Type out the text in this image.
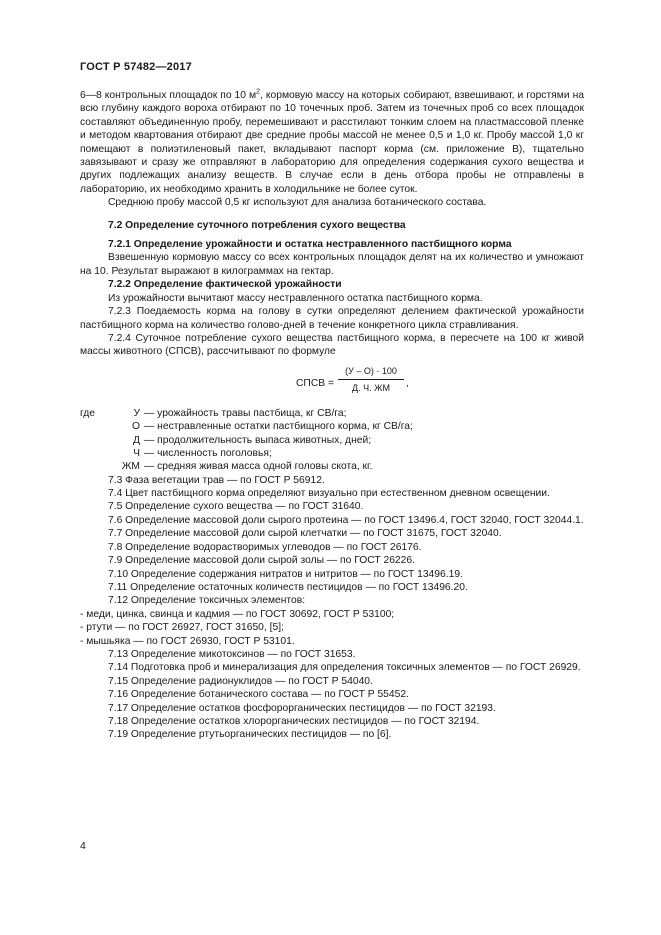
ГОСТ Р 57482—2017

6—8 контрольных площадок по 10 $м^2$, кормовую массу на которых собирают, взвешивают, и горстями на всю глубину каждого вороха отбирают по 10 точечных проб. Затем из точечных проб со всех площадок составляют объединенную пробу, перемешивают и расстилают тонким слоем на пластмассовой пленке и методом квартования отбирают две средние пробы массой не менее 0,5 и 1,0 кг. Пробу массой 1,0 кг помещают в полиэтиленовый пакет, вкладывают паспорт корма (см. приложение В), тщательно завязывают и сразу же отправляют в лабораторию для определения содержания сухого вещества и других подлежащих анализу веществ. В случае если в день отбора пробы не отправлены в лабораторию, их необходимо хранить в холодильнике не более суток.

Среднюю пробу массой 0,5 кг используют для анализа ботанического состава.

7.2 Определение суточного потребления сухого вещества

7.2.1 Определение урожайности и остатка нестравленного пастбищного корма

Взвешенную кормовую массу со всех контрольных площадок делят на их количество и умножают на 10. Результат выражают в килограммах на гектар.

7.2.2 Определение фактической урожайности

Из урожайности вычитают массу нестравленного остатка пастбищного корма.

7.2.3 Поедаемость корма на голову в сутки определяют делением фактической урожайности пастбищного корма на количество голово-дней в течение конкретного цикла стравливания.

7.2.4 Суточное потребление сухого вещества пастбищного корма, в пересчете на 100 кг живой массы животного (СПСВ), рассчитывают по формуле

СПСВ =
(У – О) · 100
Д. Ч. ЖМ	,
где	У — урожайность травы пастбища, кг СВ/га;
О — нестравленные остатки пастбищного корма, кг СВ/га;
Д — продолжительность выпаса животных, дней;
Ч — численность поголовья;
ЖМ — средняя живая масса одной головы скота, кг.

7.3 Фаза вегетации трав — по ГОСТ Р 56912.

7.4 Цвет пастбищного корма определяют визуально при естественном дневном освещении.

7.5 Определение сухого вещества — по ГОСТ 31640.

7.6 Определение массовой доли сырого протеина — по ГОСТ 13496.4, ГОСТ 32040, ГОСТ 32044.1.

7.7 Определение массовой доли сырой клетчатки — по ГОСТ 31675, ГОСТ 32040.

7.8 Определение водорастворимых углеводов — по ГОСТ 26176.

7.9 Определение массовой доли сырой золы — по ГОСТ 26226.

7.10 Определение содержания нитратов и нитритов — по ГОСТ 13496.19.

7.11 Определение остаточных количеств пестицидов — по ГОСТ 13496.20.

7.12 Определение токсичных элементов:

- меди, цинка, свинца и кадмия — по ГОСТ 30692, ГОСТ Р 53100;

- ртути — по ГОСТ 26927, ГОСТ 31650, [5];

- мышьяка — по ГОСТ 26930, ГОСТ Р 53101.

7.13 Определение микотоксинов — по ГОСТ 31653.

7.14 Подготовка проб и минерализация для определения токсичных элементов — по ГОСТ 26929.

7.15 Определение радионуклидов — по ГОСТ Р 54040.

7.16 Определение ботанического состава — по ГОСТ Р 55452.

7.17 Определение остатков фосфорорганических пестицидов — по ГОСТ 32193.

7.18 Определение остатков хлорорганических пестицидов — по ГОСТ 32194.

7.19 Определение ртутьорганических пестицидов — по [6].

4
